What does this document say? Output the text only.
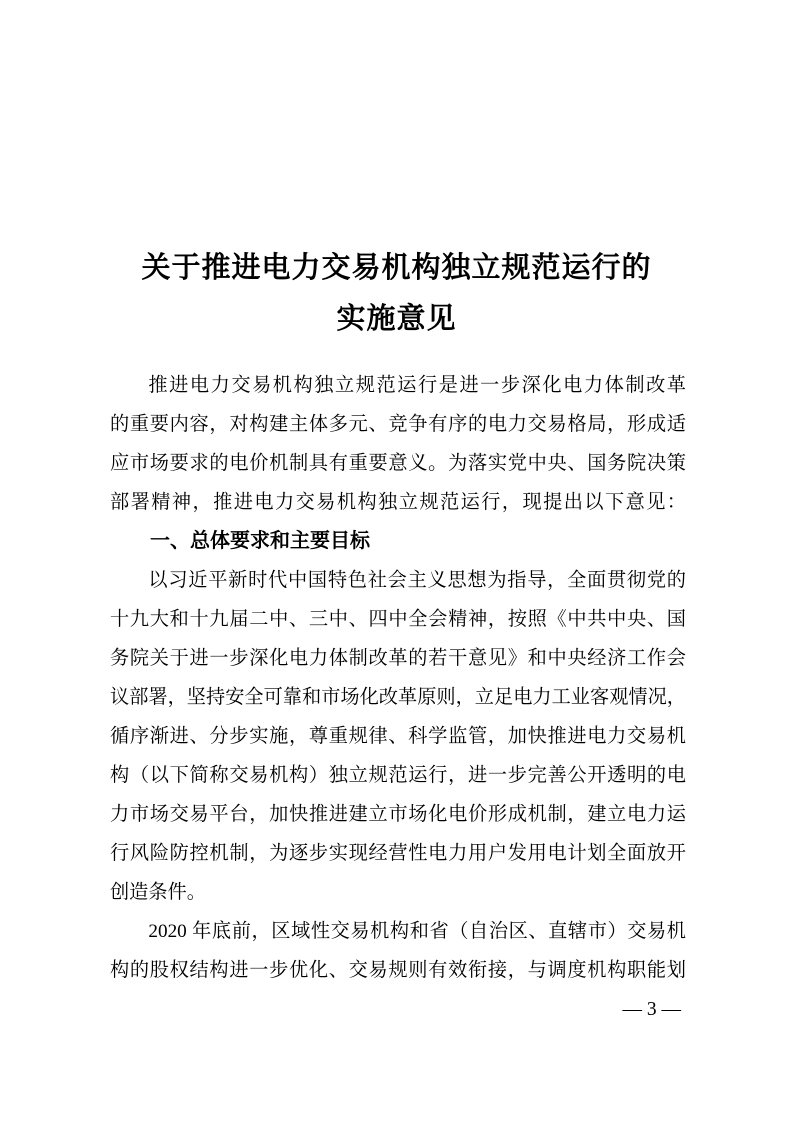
关于推进电力交易机构独立规范运行的
实施意见
推进电力交易机构独立规范运行是进一步深化电力体制改革
的重要内容，对构建主体多元、竞争有序的电力交易格局，形成适
应市场要求的电价机制具有重要意义。为落实党中央、国务院决策
部署精神，推进电力交易机构独立规范运行，现提出以下意见：
一、总体要求和主要目标
以习近平新时代中国特色社会主义思想为指导，全面贯彻党的
十九大和十九届二中、三中、四中全会精神，按照《中共中央、国
务院关于进一步深化电力体制改革的若干意见》和中央经济工作会
议部署，坚持安全可靠和市场化改革原则，立足电力工业客观情况，
循序渐进、分步实施，尊重规律、科学监管，加快推进电力交易机
构（以下简称交易机构）独立规范运行，进一步完善公开透明的电
力市场交易平台，加快推进建立市场化电价形成机制，建立电力运
行风险防控机制，为逐步实现经营性电力用户发用电计划全面放开
创造条件。
2020 年底前，区域性交易机构和省（自治区、直辖市）交易机
构的股权结构进一步优化、交易规则有效衔接，与调度机构职能划
— 3 —
